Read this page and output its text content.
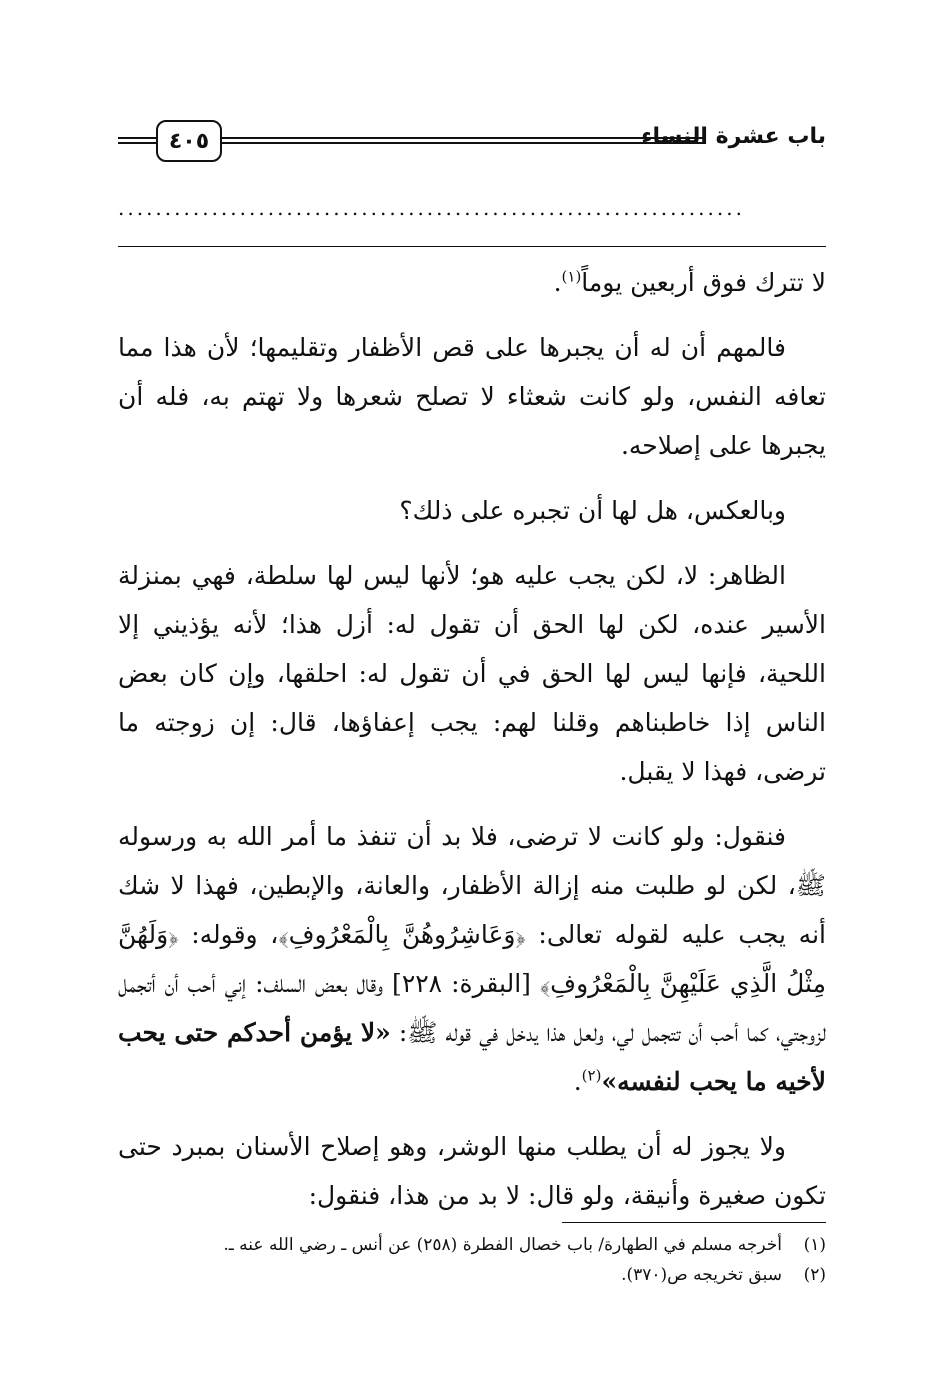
٤٠٥	باب عشرة النساء
...................................................................

لا تترك فوق أربعين يوماً$^{(١)}$.

فالمهم أن له أن يجبرها على قص الأظفار وتقليمها؛ لأن هذا مما تعافه النفس، ولو كانت شعثاء لا تصلح شعرها ولا تهتم به، فله أن يجبرها على إصلاحه.

وبالعكس، هل لها أن تجبره على ذلك؟

الظاهر: لا، لكن يجب عليه هو؛ لأنها ليس لها سلطة، فهي بمنزلة الأسير عنده، لكن لها الحق أن تقول له: أزل هذا؛ لأنه يؤذيني إلا اللحية، فإنها ليس لها الحق في أن تقول له: احلقها، وإن كان بعض الناس إذا خاطبناهم وقلنا لهم: يجب إعفاؤها، قال: إن زوجته ما ترضى، فهذا لا يقبل.

فنقول: ولو كانت لا ترضى، فلا بد أن تنفذ ما أمر الله به ورسوله ﷺ، لكن لو طلبت منه إزالة الأظفار، والعانة، والإبطين، فهذا لا شك أنه يجب عليه لقوله تعالى: ﴿وَعَاشِرُوهُنَّ بِالْمَعْرُوفِ﴾، وقوله: ﴿وَلَهُنَّ مِثْلُ الَّذِي عَلَيْهِنَّ بِالْمَعْرُوفِ﴾ [البقرة: ٢٢٨] وقال بعض السلف: إني أحب أن أتجمل لزوجتي، كما أحب أن تتجمل لي، ولعل هذا يدخل في قوله ﷺ: «لا يؤمن أحدكم حتى يحب لأخيه ما يحب لنفسه»$^{(٢)}$.

ولا يجوز له أن يطلب منها الوشر، وهو إصلاح الأسنان بمبرد حتى تكون صغيرة وأنيقة، ولو قال: لا بد من هذا، فنقول:

(١)أخرجه مسلم في الطهارة/ باب خصال الفطرة (٢٥٨) عن أنس ـ رضي الله عنه ـ.

(٢)سبق تخريجه ص(٣٧٠).
